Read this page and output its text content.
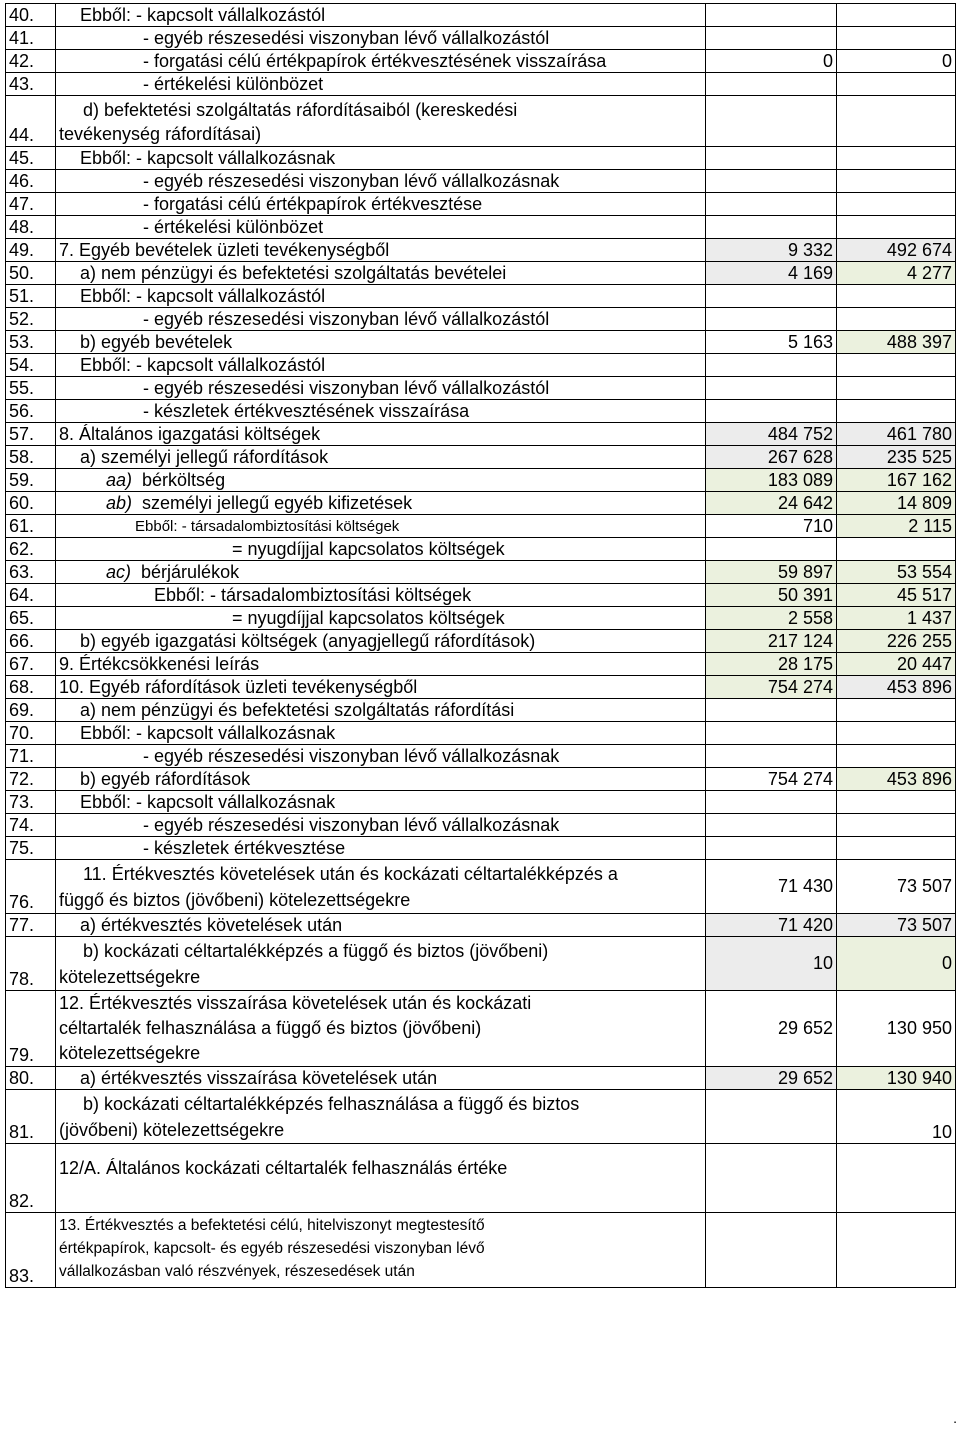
40.	Ebből: - kapcsolt vállalkozástól		
41.	- egyéb részesedési viszonyban lévő vállalkozástól		
42.	- forgatási célú értékpapírok értékvesztésének visszaírása	0	0
43.	- értékelési különbözet		
44.	d) befektetési szolgáltatás ráfordításaiból (kereskedési
tevékenység ráfordításai)		

45.	Ebből: - kapcsolt vállalkozásnak		
46.	- egyéb részesedési viszonyban lévő vállalkozásnak		
47.	- forgatási célú értékpapírok értékvesztése		
48.	- értékelési különbözet		
49.	7. Egyéb bevételek üzleti tevékenységből	9 332	492 674
50.	a) nem pénzügyi és befektetési szolgáltatás bevételei	4 169	4 277
51.	Ebből: - kapcsolt vállalkozástól		
52.	- egyéb részesedési viszonyban lévő vállalkozástól		
53.	b) egyéb bevételek	5 163	488 397
54.	Ebből: - kapcsolt vállalkozástól		
55.	- egyéb részesedési viszonyban lévő vállalkozástól		
56.	- készletek értékvesztésének visszaírása		
57.	8. Általános igazgatási költségek	484 752	461 780
58.	a) személyi jellegű ráfordítások	267 628	235 525
59.	aa) bérköltség	183 089	167 162
60.	ab) személyi jellegű egyéb kifizetések	24 642	14 809
61.	Ebből: - társadalombiztosítási költségek	710	2 115
62.	= nyugdíjjal kapcsolatos költségek		
63.	ac) bérjárulékok	59 897	53 554
64.	Ebből: - társadalombiztosítási költségek	50 391	45 517
65.	= nyugdíjjal kapcsolatos költségek	2 558	1 437
66.	b) egyéb igazgatási költségek (anyagjellegű ráfordítások)	217 124	226 255
67.	9. Értékcsökkenési leírás	28 175	20 447
68.	10. Egyéb ráfordítások üzleti tevékenységből	754 274	453 896
69.	a) nem pénzügyi és befektetési szolgáltatás ráfordítási		
70.	Ebből: - kapcsolt vállalkozásnak		
71.	- egyéb részesedési viszonyban lévő vállalkozásnak		
72.	b) egyéb ráfordítások	754 274	453 896
73.	Ebből: - kapcsolt vállalkozásnak		
74.	- egyéb részesedési viszonyban lévő vállalkozásnak		
75.	- készletek értékvesztése		
76.	11. Értékvesztés követelések után és kockázati céltartalékképzés a
függő és biztos (jövőbeni) kötelezettségekre	71 430	73 507
77.	a) értékvesztés követelések után	71 420	73 507
78.	b) kockázati céltartalékképzés a függő és biztos (jövőbeni)
kötelezettségekre	10	0
79.	12. Értékvesztés visszaírása követelések után és kockázati
céltartalék felhasználása a függő és biztos (jövőbeni)
kötelezettségekre	29 652	130 950
80.	a) értékvesztés visszaírása követelések után	29 652	130 940
81.	b) kockázati céltartalékképzés felhasználása a függő és biztos
(jövőbeni) kötelezettségekre		10
82.	12/A. Általános kockázati céltartalék felhasználás értéke		
83.	13. Értékvesztés a befektetési célú, hitelviszonyt megtestesítő
értékpapírok, kapcsolt- és egyéb részesedési viszonyban lévő
vállalkozásban való részvények, részesedések után		

.
